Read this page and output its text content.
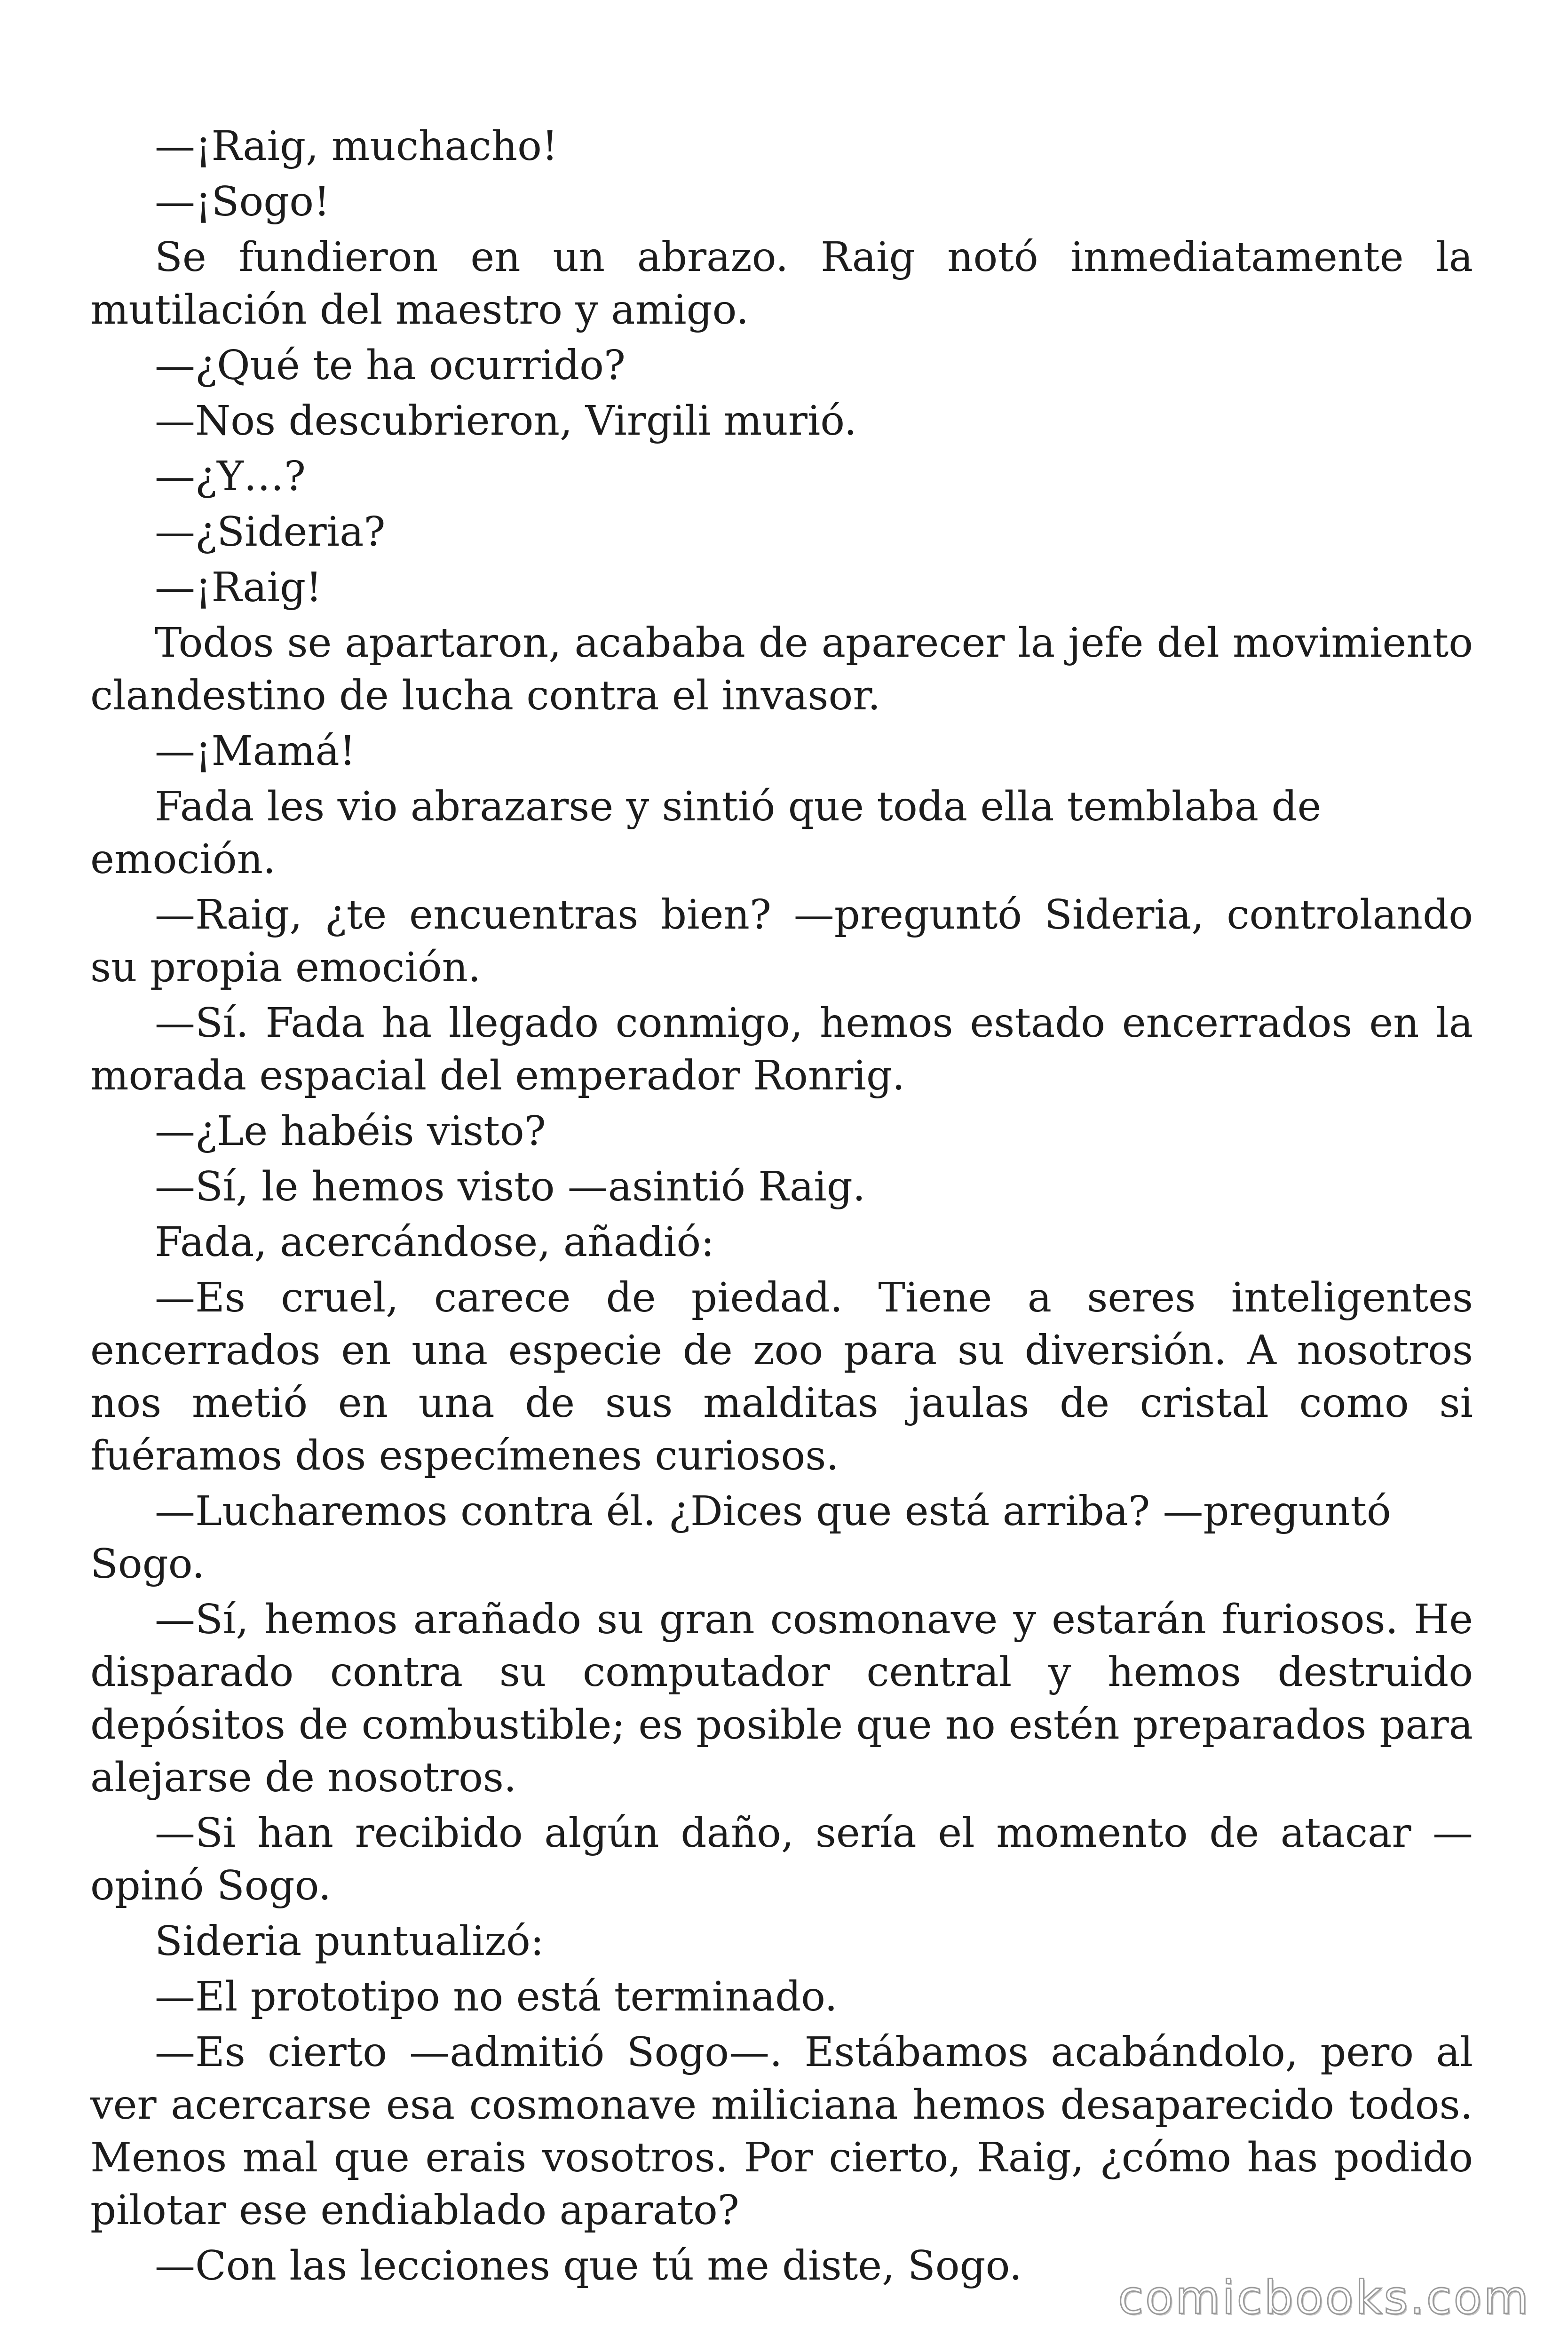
—¡Raig, muchacho!

—¡Sogo!

Se fundieron en un abrazo. Raig notó inmediatamente la mutilación del maestro y amigo.

—¿Qué te ha ocurrido?

—Nos descubrieron, Virgili murió.

—¿Y…?

—¿Sideria?

—¡Raig!

Todos se apartaron, acababa de aparecer la jefe del movimiento clandestino de lucha contra el invasor.

—¡Mamá!

Fada les vio abrazarse y sintió que toda ella temblaba de emoción.

—Raig, ¿te encuentras bien? —preguntó Sideria, controlando su propia emoción.

—Sí. Fada ha llegado conmigo, hemos estado encerrados en la morada espacial del emperador Ronrig.

—¿Le habéis visto?

—Sí, le hemos visto —asintió Raig.

Fada, acercándose, añadió:

—Es cruel, carece de piedad. Tiene a seres inteligentes encerrados en una especie de zoo para su diversión. A nosotros nos metió en una de sus malditas jaulas de cristal como si fuéramos dos especímenes curiosos.

—Lucharemos contra él. ¿Dices que está arriba? —preguntó Sogo.

—Sí, hemos arañado su gran cosmonave y estarán furiosos. He disparado contra su computador central y hemos destruido depósitos de combustible; es posible que no estén preparados para alejarse de nosotros.

—Si han recibido algún daño, sería el momento de atacar —opinó Sogo.

Sideria puntualizó:

—El prototipo no está terminado.

—Es cierto —admitió Sogo—. Estábamos acabándolo, pero al ver acercarse esa cosmonave miliciana hemos desaparecido todos. Menos mal que erais vosotros. Por cierto, Raig, ¿cómo has podido pilotar ese endiablado aparato?

—Con las lecciones que tú me diste, Sogo.

comicbooks.com
